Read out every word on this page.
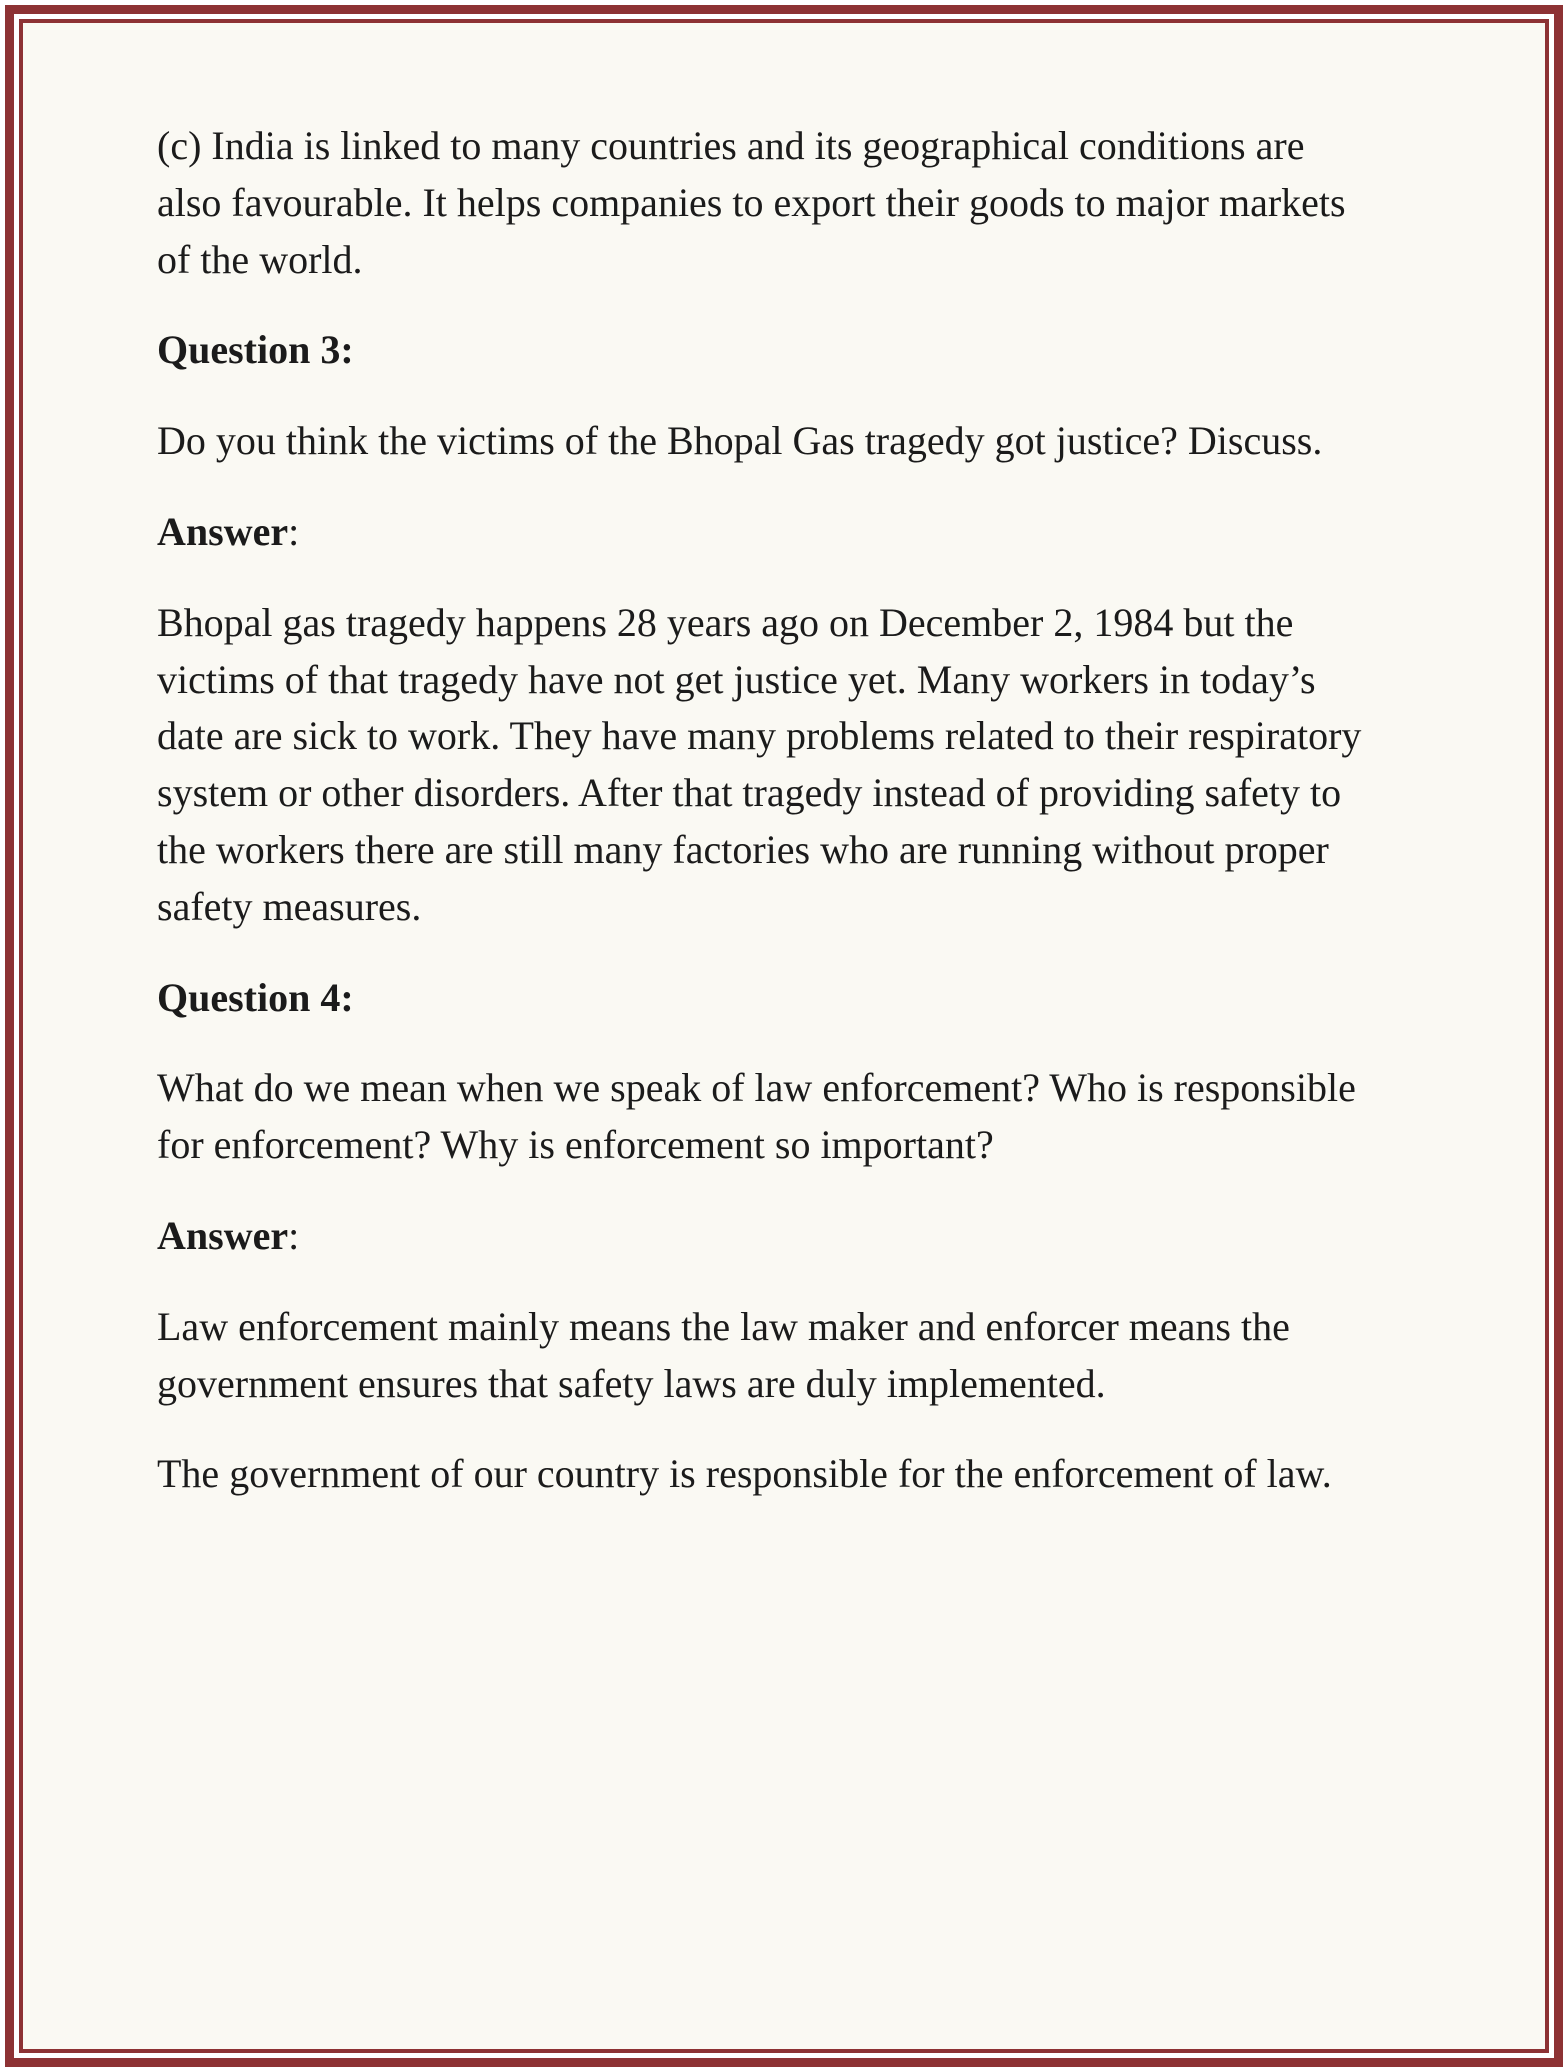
(c) India is linked to many countries and its geographical conditions are also favourable. It helps companies to export their goods to major markets of the world.

Question 3:

Do you think the victims of the Bhopal Gas tragedy got justice? Discuss.

Answer:

Bhopal gas tragedy happens 28 years ago on December 2, 1984 but the victims of that tragedy have not get justice yet. Many workers in today’s date are sick to work. They have many problems related to their respiratory system or other disorders. After that tragedy instead of providing safety to the workers there are still many factories who are running without proper safety measures.

Question 4:

What do we mean when we speak of law enforcement? Who is responsible for enforcement? Why is enforcement so important?

Answer:

Law enforcement mainly means the law maker and enforcer means the government ensures that safety laws are duly implemented.

The government of our country is responsible for the enforcement of law.
